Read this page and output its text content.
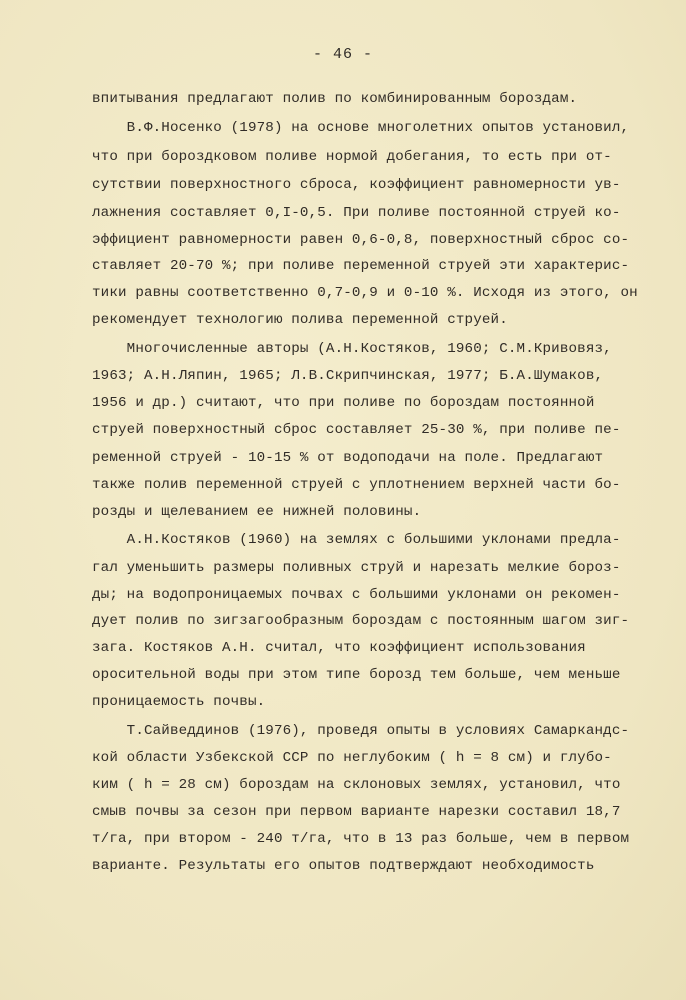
- 46 -
впитывания предлагают полив по комбинированным бороздам.
В.Ф.Носенко (1978) на основе многолетних опытов установил,
что при бороздковом поливе нормой добегания, то есть при от-
сутствии поверхностного сброса, коэффициент равномерности ув-
лажнения составляет 0,I-0,5. При поливе постоянной струей ко-
эффициент равномерности равен 0,6-0,8, поверхностный сброс со-
ставляет 20-70 %; при поливе переменной струей эти характерис-
тики равны соответственно 0,7-0,9 и 0-10 %. Исходя из этого, он
рекомендует технологию полива переменной струей.
Многочисленные авторы (А.Н.Костяков, 1960; С.М.Кривовяз,
1963; А.Н.Ляпин, 1965; Л.В.Скрипчинская, 1977; Б.А.Шумаков,
1956 и др.) считают, что при поливе по бороздам постоянной
струей поверхностный сброс составляет 25-30 %, при поливе пе-
ременной струей - 10-15 % от водоподачи на поле. Предлагают
также полив переменной струей с уплотнением верхней части бо-
розды и щелеванием ее нижней половины.
А.Н.Костяков (1960) на землях с большими уклонами предла-
гал уменьшить размеры поливных струй и нарезать мелкие бороз-
ды; на водопроницаемых почвах с большими уклонами он рекомен-
дует полив по зигзагообразным бороздам с постоянным шагом зиг-
зага. Костяков А.Н. считал, что коэффициент использования
оросительной воды при этом типе борозд тем больше, чем меньше
проницаемость почвы.
Т.Сайведдинов (1976), проведя опыты в условиях Самаркандс-
кой области Узбекской ССР по неглубоким ( h = 8 см) и глубо-
ким ( h = 28 см) бороздам на склоновых землях, установил, что
смыв почвы за сезон при первом варианте нарезки составил 18,7
т/га, при втором - 240 т/га, что в 13 раз больше, чем в первом
варианте. Результаты его опытов подтверждают необходимость
